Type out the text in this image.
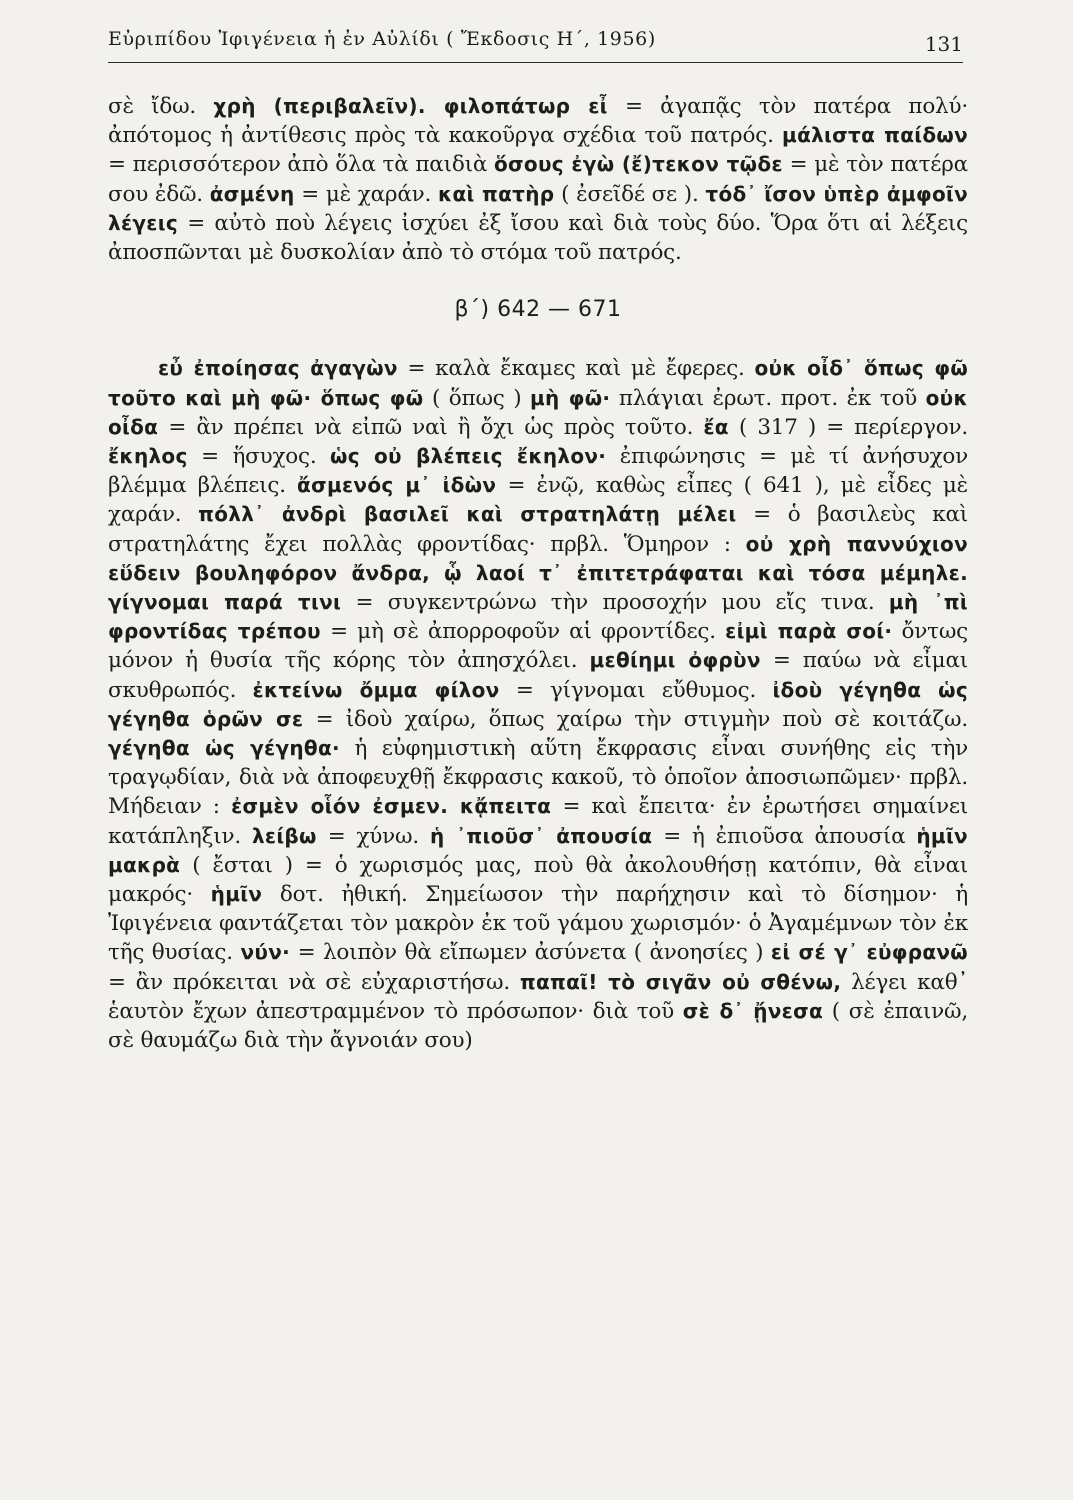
Εὐριπίδου Ἰφιγένεια ἡ ἐν Αὐλίδι ( Ἔκδοσις Η΄, 1956)	131

σὲ ἴδω. χρὴ (περιβαλεῖν). φιλοπάτωρ εἶ = ἀγαπᾷς τὸν πατέρα πολύ· ἀπότομος ἡ ἀντίθεσις πρὸς τὰ κακοῦργα σχέδια τοῦ πατρός. μάλιστα παίδων = περισσότερον ἀπὸ ὅλα τὰ παιδιὰ ὅσους ἐγὼ (ἔ)τεκον τῷδε = μὲ τὸν πατέρα σου ἐδῶ. ἀσμένη = μὲ χαράν. καὶ πατὴρ ( ἐσεῖδέ σε ). τόδ᾽ ἴσον ὑπὲρ ἀμφοῖν λέγεις = αὐτὸ ποὺ λέγεις ἰσχύει ἐξ ἴσου καὶ διὰ τοὺς δύο. Ὅρα ὅτι αἱ λέξεις ἀποσπῶνται μὲ δυσκολίαν ἀπὸ τὸ στόμα τοῦ πατρός.

β΄) 642 — 671

εὖ ἐποίησας ἀγαγὼν = καλὰ ἔκαμες καὶ μὲ ἔφερες. οὐκ οἶδ᾽ ὅπως φῶ τοῦτο καὶ μὴ φῶ· ὅπως φῶ ( ὅπως ) μὴ φῶ· πλάγιαι ἐρωτ. προτ. ἐκ τοῦ οὐκ οἶδα = ἂν πρέπει νὰ εἰπῶ ναὶ ἢ ὄχι ὡς πρὸς τοῦτο. ἔα ( 317 ) = περίεργον. ἔκηλος = ἥσυχος. ὡς οὐ βλέπεις ἔκηλον· ἐπιφώνησις = μὲ τί ἀνήσυχον βλέμμα βλέπεις. ἄσμενός μ᾽ ἰδὼν = ἐνῷ, καθὼς εἶπες ( 641 ), μὲ εἶδες μὲ χαράν. πόλλ᾽ ἀνδρὶ βασιλεῖ καὶ στρατηλάτῃ μέλει = ὁ βασιλεὺς καὶ στρατηλάτης ἔχει πολλὰς φροντίδας· πρβλ. Ὅμηρον : οὐ χρὴ παννύχιον εὕδειν βουληφόρον ἄνδρα, ᾧ λαοί τ᾽ ἐπιτετράφαται καὶ τόσα μέμηλε. γίγνομαι παρά τινι = συγκεντρώνω τὴν προσοχήν μου εἴς τινα. μὴ ᾽πὶ φροντίδας τρέπου = μὴ σὲ ἀπορροφοῦν αἱ φροντίδες. εἰμὶ παρὰ σοί· ὄντως μόνον ἡ θυσία τῆς κόρης τὸν ἀπησχόλει. μεθίημι ὀφρὺν = παύω νὰ εἶμαι σκυθρωπός. ἐκτείνω ὄμμα φίλον = γίγνομαι εὔθυμος. ἰδοὺ γέγηθα ὡς γέγηθα ὁρῶν σε = ἰδοὺ χαίρω, ὅπως χαίρω τὴν στιγμὴν ποὺ σὲ κοιτάζω. γέγηθα ὡς γέγηθα· ἡ εὐφημιστικὴ αὕτη ἔκφρασις εἶναι συνήθης εἰς τὴν τραγῳδίαν, διὰ νὰ ἀποφευχθῇ ἔκφρασις κακοῦ, τὸ ὁποῖον ἀποσιωπῶμεν· πρβλ. Μήδειαν : ἐσμὲν οἷόν ἐσμεν. κᾄπειτα = καὶ ἔπειτα· ἐν ἐρωτήσει σημαίνει κατάπληξιν. λείβω = χύνω. ἡ ᾽πιοῦσ᾽ ἀπουσία = ἡ ἐπιοῦσα ἀπουσία ἡμῖν μακρὰ ( ἔσται ) = ὁ χωρισμός μας, ποὺ θὰ ἀκολουθήσῃ κατόπιν, θὰ εἶναι μακρός· ἡμῖν δοτ. ἠθική. Σημείωσον τὴν παρήχησιν καὶ τὸ δίσημον· ἡ Ἰφιγένεια φαντάζεται τὸν μακρὸν ἐκ τοῦ γάμου χωρισμόν· ὁ Ἀγαμέμνων τὸν ἐκ τῆς θυσίας. νύν· = λοιπὸν θὰ εἴπωμεν ἀσύνετα ( ἀνοησίες ) εἰ σέ γ᾽ εὐφρανῶ = ἂν πρόκειται νὰ σὲ εὐχαριστήσω. παπαῖ! τὸ σιγᾶν οὐ σθένω, λέγει καθ᾽ ἑαυτὸν ἔχων ἀπεστραμμένον τὸ πρόσωπον· διὰ τοῦ σὲ δ᾽ ᾔνεσα ( σὲ ἐπαινῶ, σὲ θαυμάζω διὰ τὴν ἄγνοιάν σου)
